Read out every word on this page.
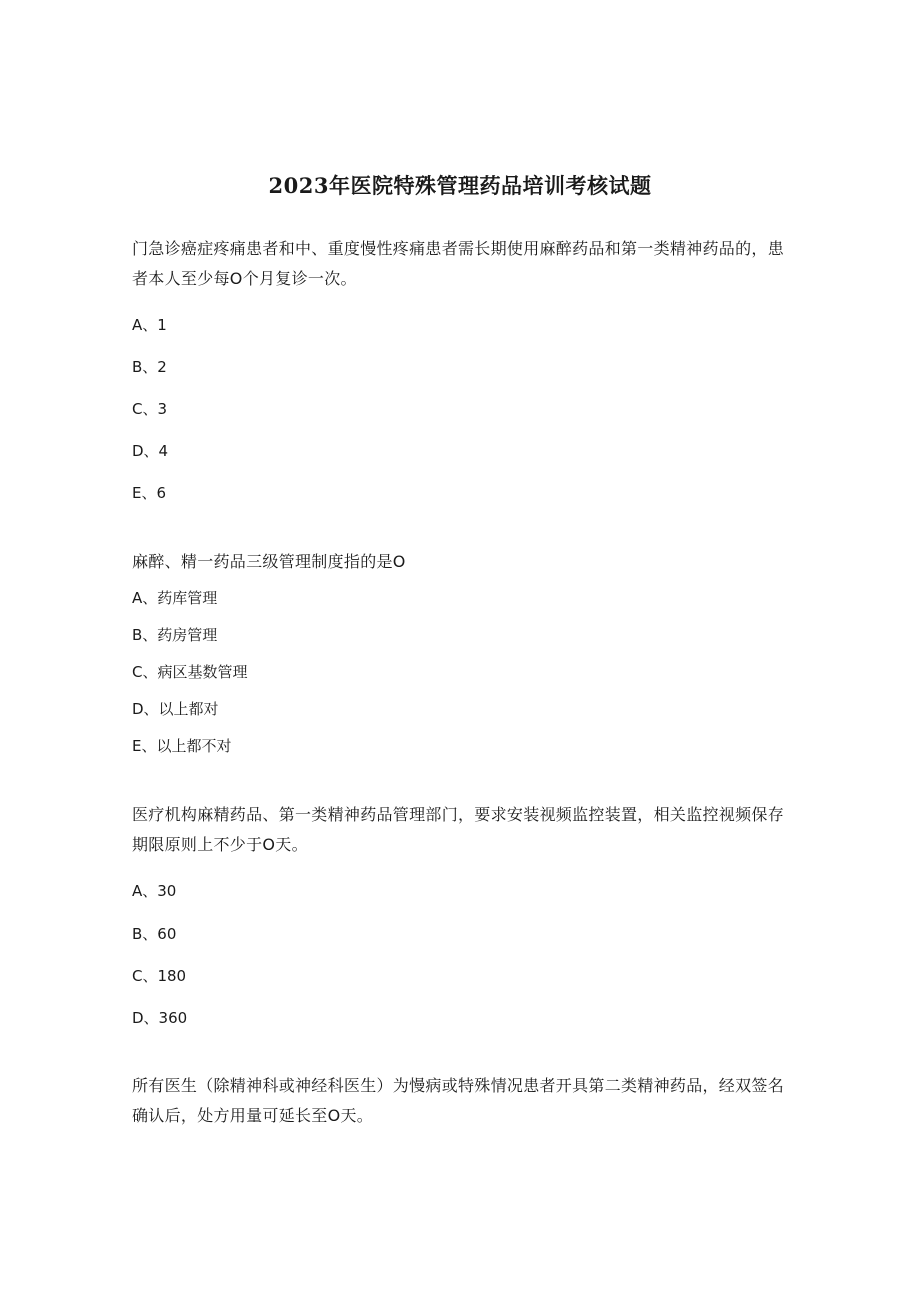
2023年医院特殊管理药品培训考核试题

门急诊癌症疼痛患者和中、重度慢性疼痛患者需长期使用麻醉药品和第一类精神药品的，患者本人至少每O个月复诊一次。

A、1

B、2

C、3

D、4

E、6

麻醉、精一药品三级管理制度指的是O

A、药库管理

B、药房管理

C、病区基数管理

D、以上都对

E、以上都不对

医疗机构麻精药品、第一类精神药品管理部门，要求安装视频监控装置，相关监控视频保存期限原则上不少于O天。

A、30

B、60

C、180

D、360

所有医生（除精神科或神经科医生）为慢病或特殊情况患者开具第二类精神药品，经双签名确认后，处方用量可延长至O天。
